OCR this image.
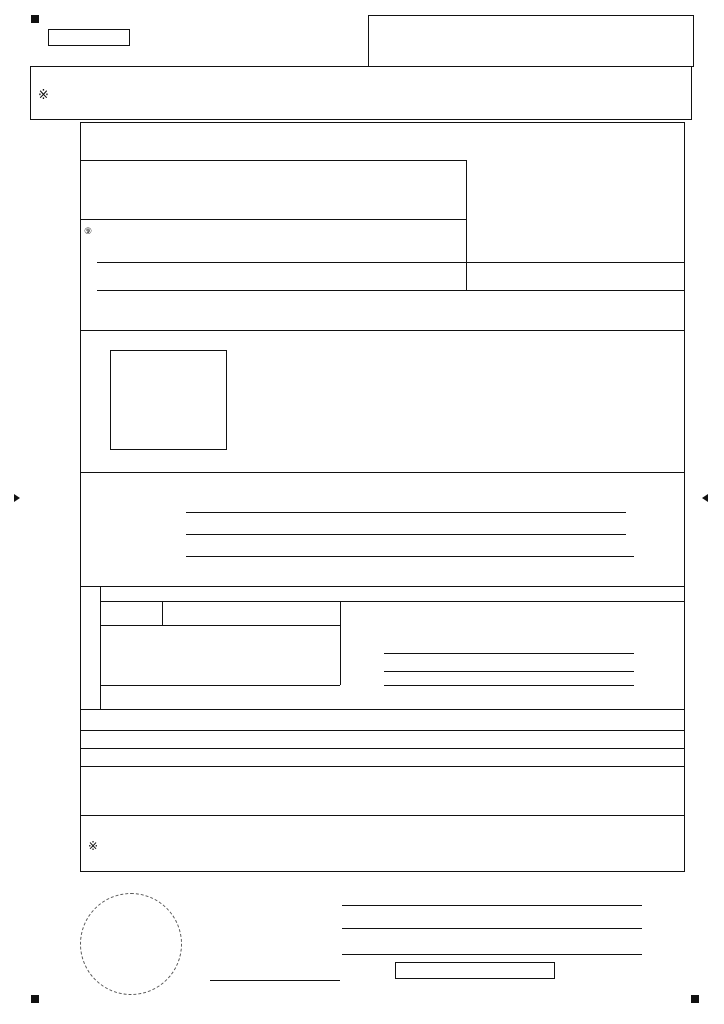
※
⑨
※
